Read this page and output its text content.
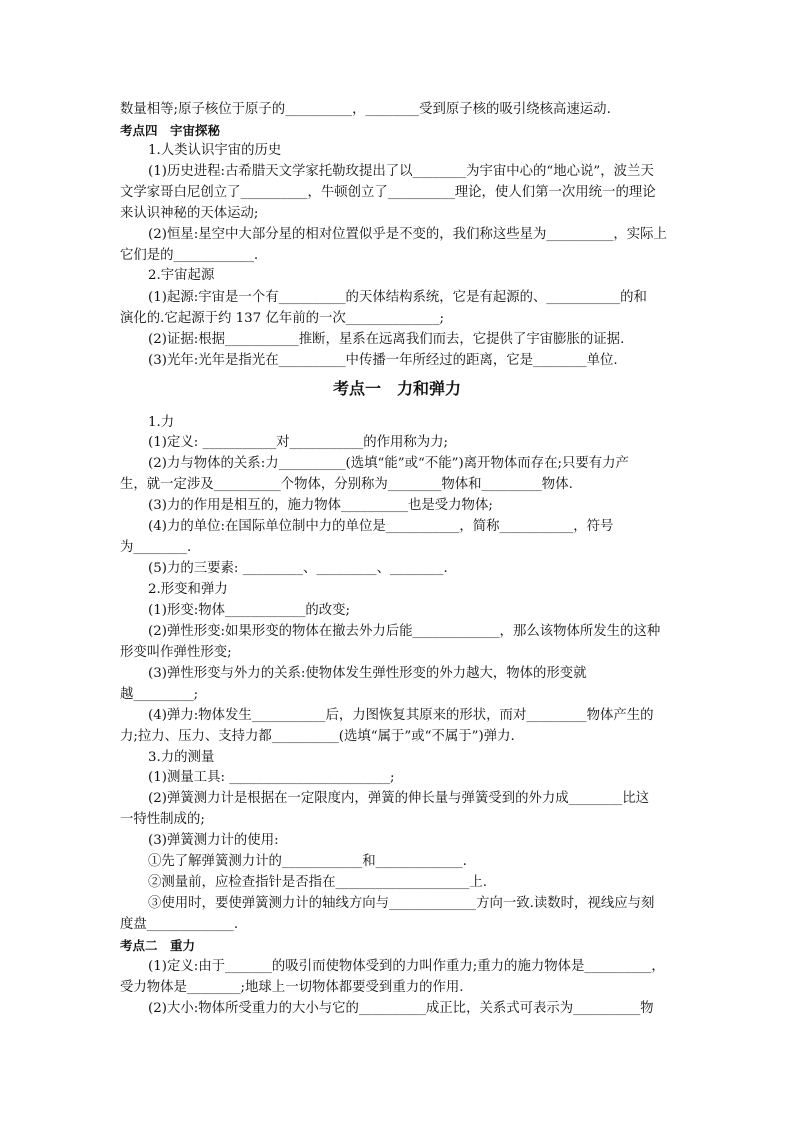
考点一　力和弹力
数量相等;原子核位于原子的__________，________受到原子核的吸引绕核高速运动.
考点四　宇宙探秘
1.人类认识宇宙的历史
(1)历史进程:古希腊天文学家托勒玫提出了以________为宇宙中心的“地心说”，波兰天
文学家哥白尼创立了__________，牛顿创立了__________理论，使人们第一次用统一的理论
来认识神秘的天体运动;
(2)恒星:星空中大部分星的相对位置似乎是不变的，我们称这些星为__________，实际上
它们是的____________.
2.宇宙起源
(1)起源:宇宙是一个有__________的天体结构系统，它是有起源的、___________的和
演化的.它起源于约 137 亿年前的一次______________;
(2)证据:根据___________推断，星系在远离我们而去，它提供了宇宙膨胀的证据.
(3)光年:光年是指光在__________中传播一年所经过的距离，它是________单位.
1.力
(1)定义: ___________对___________的作用称为力;
(2)力与物体的关系:力__________(选填“能”或“不能”)离开物体而存在;只要有力产
生，就一定涉及__________个物体，分别称为________物体和_________物体.
(3)力的作用是相互的，施力物体__________也是受力物体;
(4)力的单位:在国际单位制中力的单位是___________，简称___________，符号
为________.
(5)力的三要素: _________、_________、________.
2.形变和弹力
(1)形变:物体____________的改变;
(2)弹性形变:如果形变的物体在撤去外力后能_____________，那么该物体所发生的这种
形变叫作弹性形变;
(3)弹性形变与外力的关系:使物体发生弹性形变的外力越大，物体的形变就
越_________;
(4)弹力:物体发生___________后，力图恢复其原来的形状，而对_________物体产生的
力;拉力、压力、支持力都__________(选填“属于”或“不属于”)弹力.
3.力的测量
(1)测量工具: ________________________;
(2)弹簧测力计是根据在一定限度内，弹簧的伸长量与弹簧受到的外力成________比这
一特性制成的;
(3)弹簧测力计的使用:
①先了解弹簧测力计的____________和_____________.
②测量前，应检查指针是否指在____________________上.
③使用时，要使弹簧测力计的轴线方向与_____________方向一致.读数时，视线应与刻
度盘_____________.
考点二　重力
(1)定义:由于_______的吸引而使物体受到的力叫作重力;重力的施力物体是__________，
受力物体是________;地球上一切物体都要受到重力的作用.
(2)大小:物体所受重力的大小与它的__________成正比，关系式可表示为__________物
